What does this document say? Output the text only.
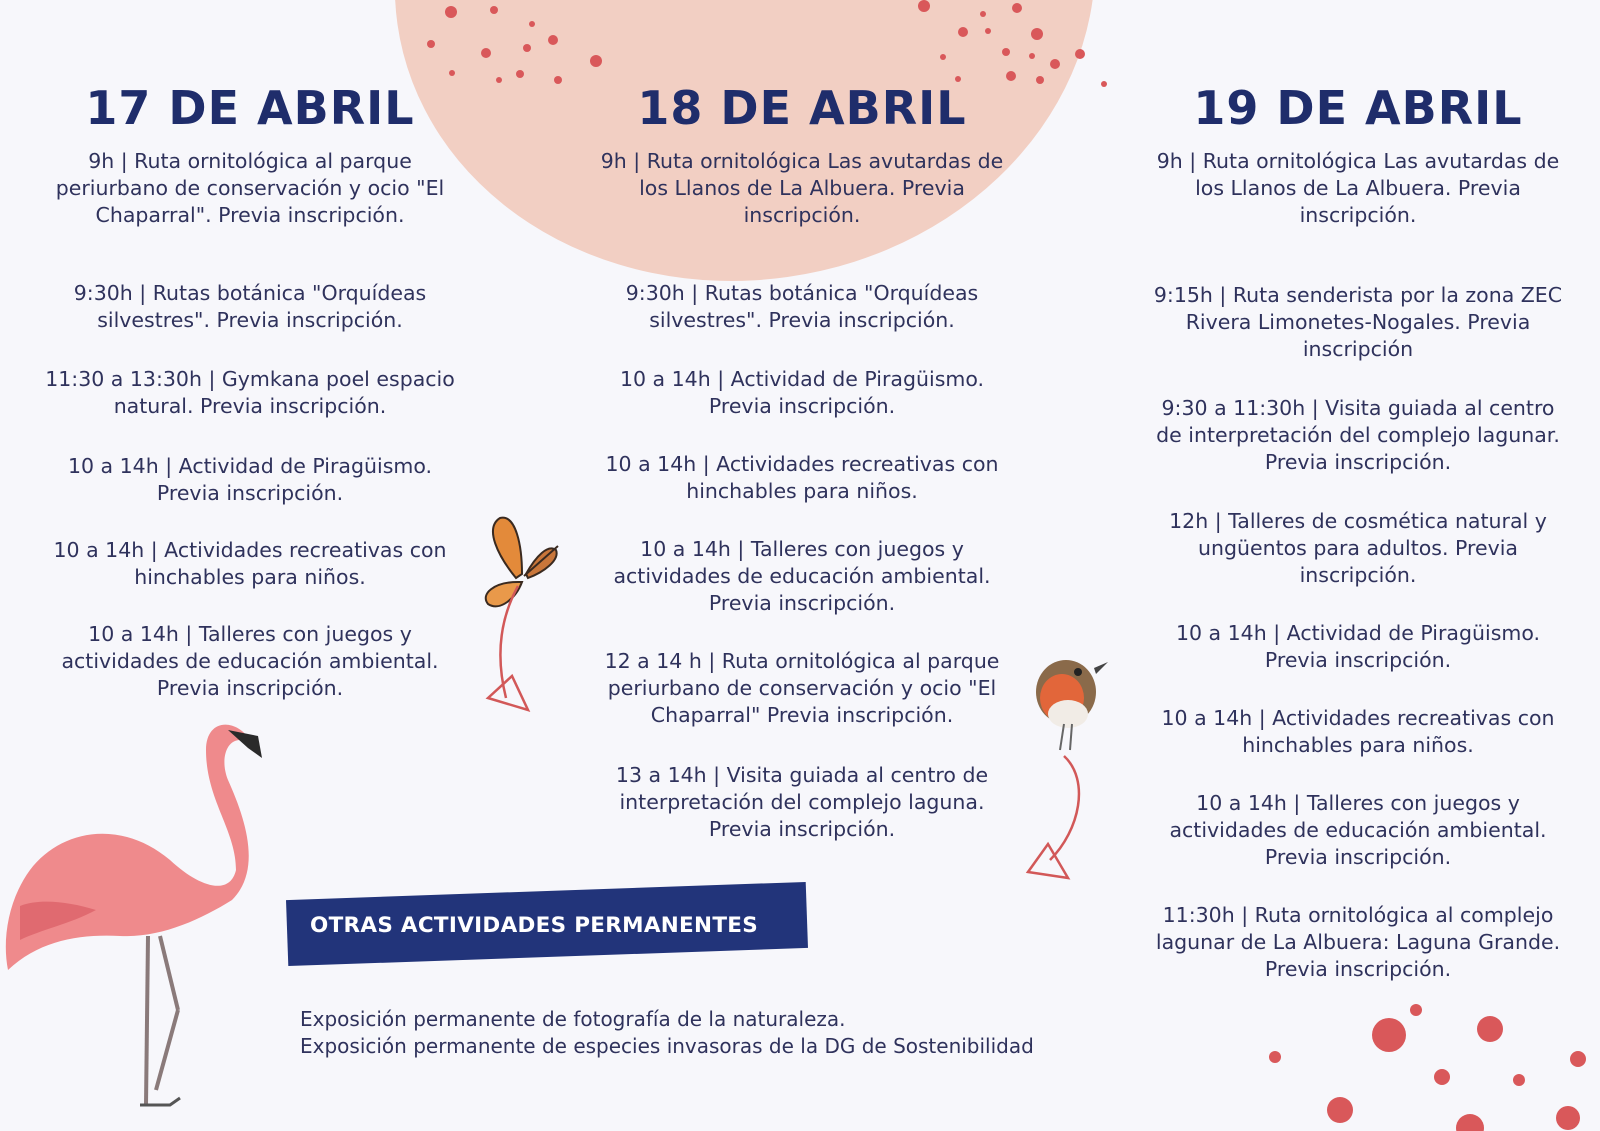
17 DE ABRIL

9h | Ruta ornitológica al parque periurbano de conservación y ocio "El Chaparral". Previa inscripción.

9:30h | Rutas botánica "Orquídeas silvestres". Previa inscripción.

11:30 a 13:30h | Gymkana poel espacio natural. Previa inscripción.

10 a 14h | Actividad de Piragüismo. Previa inscripción.

10 a 14h | Actividades recreativas con hinchables para niños.

10 a 14h | Talleres con juegos y actividades de educación ambiental. Previa inscripción.

18 DE ABRIL

9h | Ruta ornitológica Las avutardas de los Llanos de La Albuera. Previa inscripción.

9:30h | Rutas botánica "Orquídeas silvestres". Previa inscripción.

10 a 14h | Actividad de Piragüismo. Previa inscripción.

10 a 14h | Actividades recreativas con hinchables para niños.

10 a 14h | Talleres con juegos y actividades de educación ambiental. Previa inscripción.

12 a 14 h | Ruta ornitológica al parque periurbano de conservación y ocio "El Chaparral" Previa inscripción.

13 a 14h | Visita guiada al centro de interpretación del complejo laguna. Previa inscripción.

19 DE ABRIL

9h | Ruta ornitológica Las avutardas de los Llanos de La Albuera. Previa inscripción.

9:15h | Ruta senderista por la zona ZEC Rivera Limonetes-Nogales. Previa inscripción

9:30 a 11:30h | Visita guiada al centro de interpretación del complejo lagunar. Previa inscripción.

12h | Talleres de cosmética natural y ungüentos para adultos. Previa inscripción.

10 a 14h | Actividad de Piragüismo. Previa inscripción.

10 a 14h | Actividades recreativas con hinchables para niños.

10 a 14h | Talleres con juegos y actividades de educación ambiental. Previa inscripción.

11:30h | Ruta ornitológica al complejo lagunar de La Albuera: Laguna Grande. Previa inscripción.

OTRAS ACTIVIDADES PERMANENTES
Exposición permanente de fotografía de la naturaleza.
Exposición permanente de especies invasoras de la DG de Sostenibilidad
